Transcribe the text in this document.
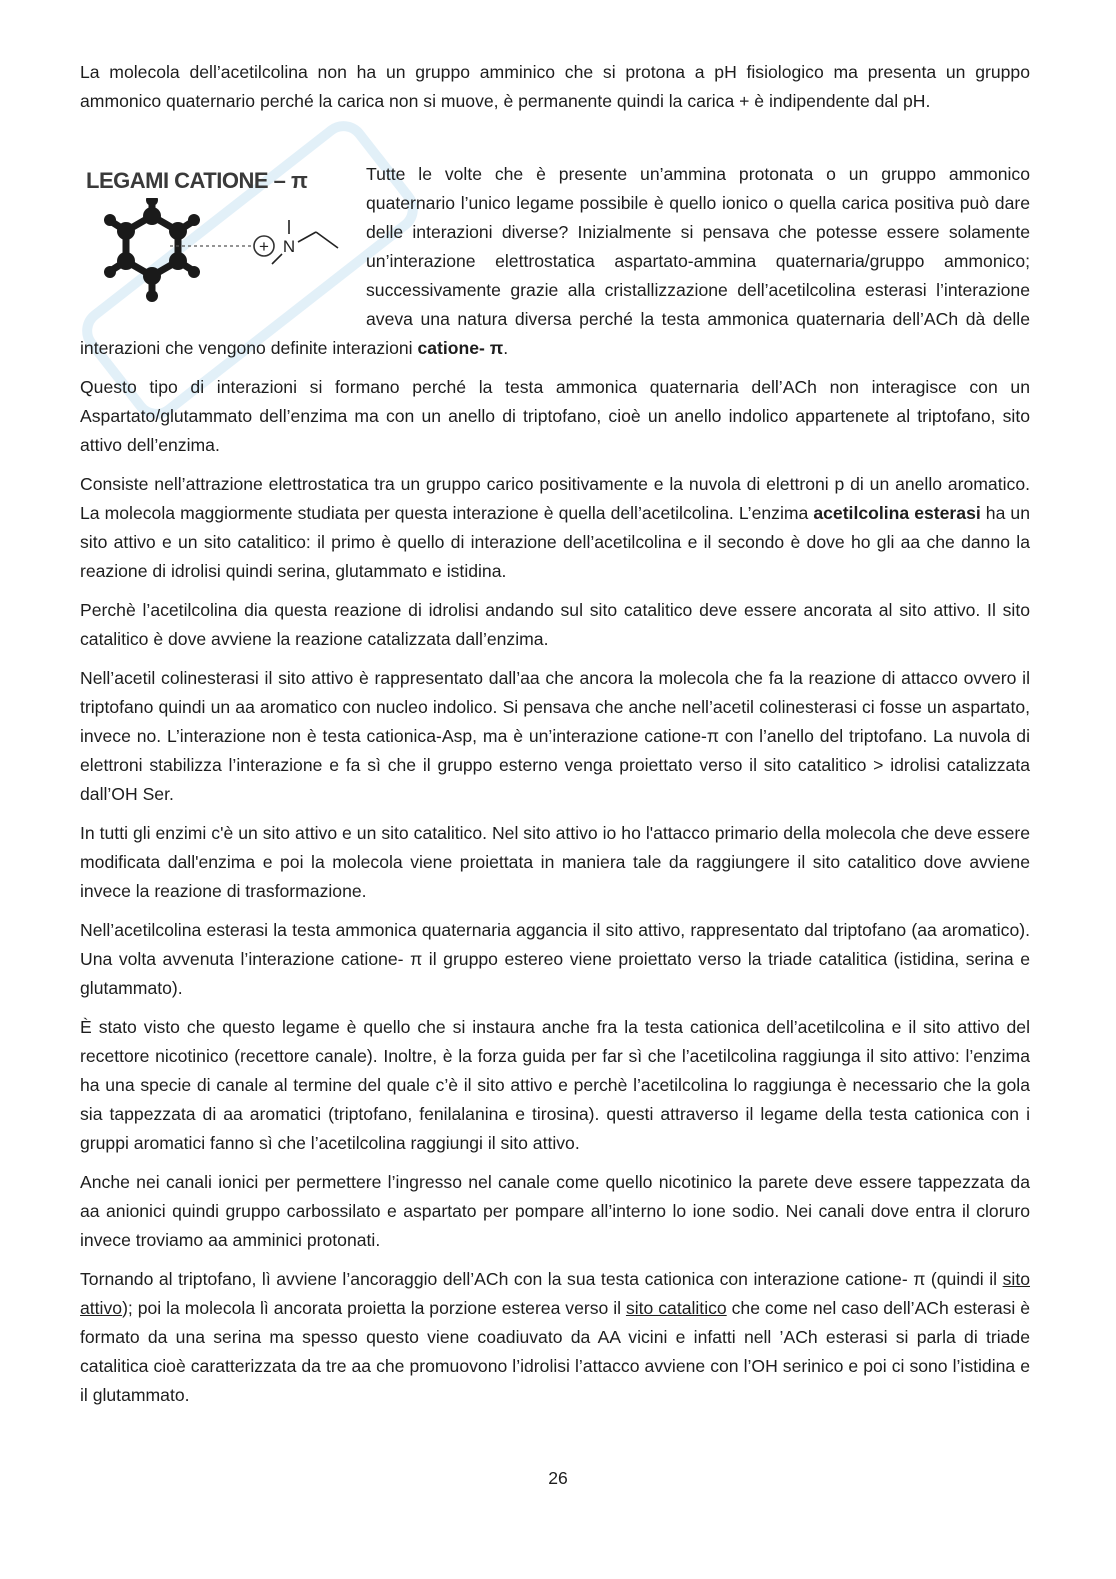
La molecola dell’acetilcolina non ha un gruppo amminico che si protona a pH fisiologico ma presenta un gruppo ammonico quaternario perché la carica non si muove, è permanente quindi la carica + è indipendente dal pH.

LEGAMI CATIONE – π
+ N

Tutte le volte che è presente un’ammina protonata o un gruppo ammonico quaternario l’unico legame possibile è quello ionico o quella carica positiva può dare delle interazioni diverse? Inizialmente si pensava che potesse essere solamente un’interazione elettrostatica aspartato-ammina quaternaria/gruppo ammonico; successivamente grazie alla cristallizzazione dell’acetilcolina esterasi l’interazione aveva una natura diversa perché la testa ammonica quaternaria dell’ACh dà delle interazioni che vengono definite interazioni catione- π.

Questo tipo di interazioni si formano perché la testa ammonica quaternaria dell’ACh non interagisce con un Aspartato/glutammato dell’enzima ma con un anello di triptofano, cioè un anello indolico appartenete al triptofano, sito attivo dell’enzima.

Consiste nell’attrazione elettrostatica tra un gruppo carico positivamente e la nuvola di elettroni p di un anello aromatico. La molecola maggiormente studiata per questa interazione è quella dell’acetilcolina. L’enzima acetilcolina esterasi ha un sito attivo e un sito catalitico: il primo è quello di interazione dell’acetilcolina e il secondo è dove ho gli aa che danno la reazione di idrolisi quindi serina, glutammato e istidina.

Perchè l’acetilcolina dia questa reazione di idrolisi andando sul sito catalitico deve essere ancorata al sito attivo. Il sito catalitico è dove avviene la reazione catalizzata dall’enzima.

Nell’acetil colinesterasi il sito attivo è rappresentato dall’aa che ancora la molecola che fa la reazione di attacco ovvero il triptofano quindi un aa aromatico con nucleo indolico. Si pensava che anche nell’acetil colinesterasi ci fosse un aspartato, invece no. L’interazione non è testa cationica-Asp, ma è un’interazione catione-π con l’anello del triptofano. La nuvola di elettroni stabilizza l’interazione e fa sì che il gruppo esterno venga proiettato verso il sito catalitico > idrolisi catalizzata dall’OH Ser.

In tutti gli enzimi c'è un sito attivo e un sito catalitico. Nel sito attivo io ho l'attacco primario della molecola che deve essere modificata dall'enzima e poi la molecola viene proiettata in maniera tale da raggiungere il sito catalitico dove avviene invece la reazione di trasformazione.

Nell’acetilcolina esterasi la testa ammonica quaternaria aggancia il sito attivo, rappresentato dal triptofano (aa aromatico). Una volta avvenuta l’interazione catione- π il gruppo estereo viene proiettato verso la triade catalitica (istidina, serina e glutammato).

È stato visto che questo legame è quello che si instaura anche fra la testa cationica dell’acetilcolina e il sito attivo del recettore nicotinico (recettore canale). Inoltre, è la forza guida per far sì che l’acetilcolina raggiunga il sito attivo: l’enzima ha una specie di canale al termine del quale c’è il sito attivo e perchè l’acetilcolina lo raggiunga è necessario che la gola sia tappezzata di aa aromatici (triptofano, fenilalanina e tirosina). questi attraverso il legame della testa cationica con i gruppi aromatici fanno sì che l’acetilcolina raggiungi il sito attivo.

Anche nei canali ionici per permettere l’ingresso nel canale come quello nicotinico la parete deve essere tappezzata da aa anionici quindi gruppo carbossilato e aspartato per pompare all’interno lo ione sodio. Nei canali dove entra il cloruro invece troviamo aa amminici protonati.

Tornando al triptofano, lì avviene l’ancoraggio dell’ACh con la sua testa cationica con interazione catione- π (quindi il sito attivo); poi la molecola lì ancorata proietta la porzione esterea verso il sito catalitico che come nel caso dell’ACh esterasi è formato da una serina ma spesso questo viene coadiuvato da AA vicini e infatti nell ’ACh esterasi si parla di triade catalitica cioè caratterizzata da tre aa che promuovono l’idrolisi l’attacco avviene con l’OH serinico e poi ci sono l’istidina e il glutammato.

26
